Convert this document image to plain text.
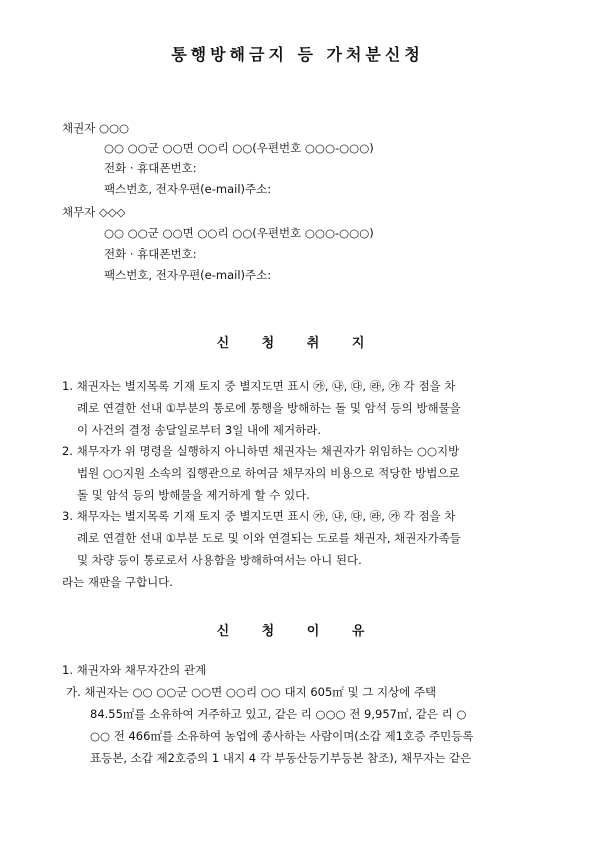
통행방해금지 등 가처분신청
채권자 ○○○
○○ ○○군 ○○면 ○○리 ○○(우편번호 ○○○-○○○)
전화 · 휴대폰번호:
팩스번호, 전자우편(e-mail)주소:
채무자 ◇◇◇
○○ ○○군 ○○면 ○○리 ○○(우편번호 ○○○-○○○)
전화 · 휴대폰번호:
팩스번호, 전자우편(e-mail)주소:
신 청 취 지
1. 채권자는 별지목록 기재 토지 중 별지도면 표시 ㉮, ㉯, ㉰, ㉱, ㉮ 각 점을 차
례로 연결한 선내 ①부분의 통로에 통행을 방해하는 돌 및 암석 등의 방해물을
이 사건의 결정 송달일로부터 3일 내에 제거하라.
2. 채무자가 위 명령을 실행하지 아니하면 채권자는 채권자가 위임하는 ○○지방
법원 ○○지원 소속의 집행관으로 하여금 채무자의 비용으로 적당한 방법으로
돌 및 암석 등의 방해물을 제거하게 할 수 있다.
3. 채무자는 별지목록 기재 토지 중 별지도면 표시 ㉮, ㉯, ㉰, ㉱, ㉮ 각 점을 차
례로 연결한 선내 ①부분 도로 및 이와 연결되는 도로를 채권자, 채권자가족들
및 차량 등이 통로로서 사용함을 방해하여서는 아니 된다.
라는 재판을 구합니다.
신 청 이 유
1. 채권자와 채무자간의 관계
가. 채권자는 ○○ ○○군 ○○면 ○○리 ○○ 대지 605㎡ 및 그 지상에 주택
84.55㎡를 소유하여 거주하고 있고, 같은 리 ○○○ 전 9,957㎡, 같은 리 ○
○○ 전 466㎡를 소유하여 농업에 종사하는 사람이며(소갑 제1호증 주민등록
표등본, 소갑 제2호증의 1 내지 4 각 부동산등기부등본 참조), 채무자는 같은
